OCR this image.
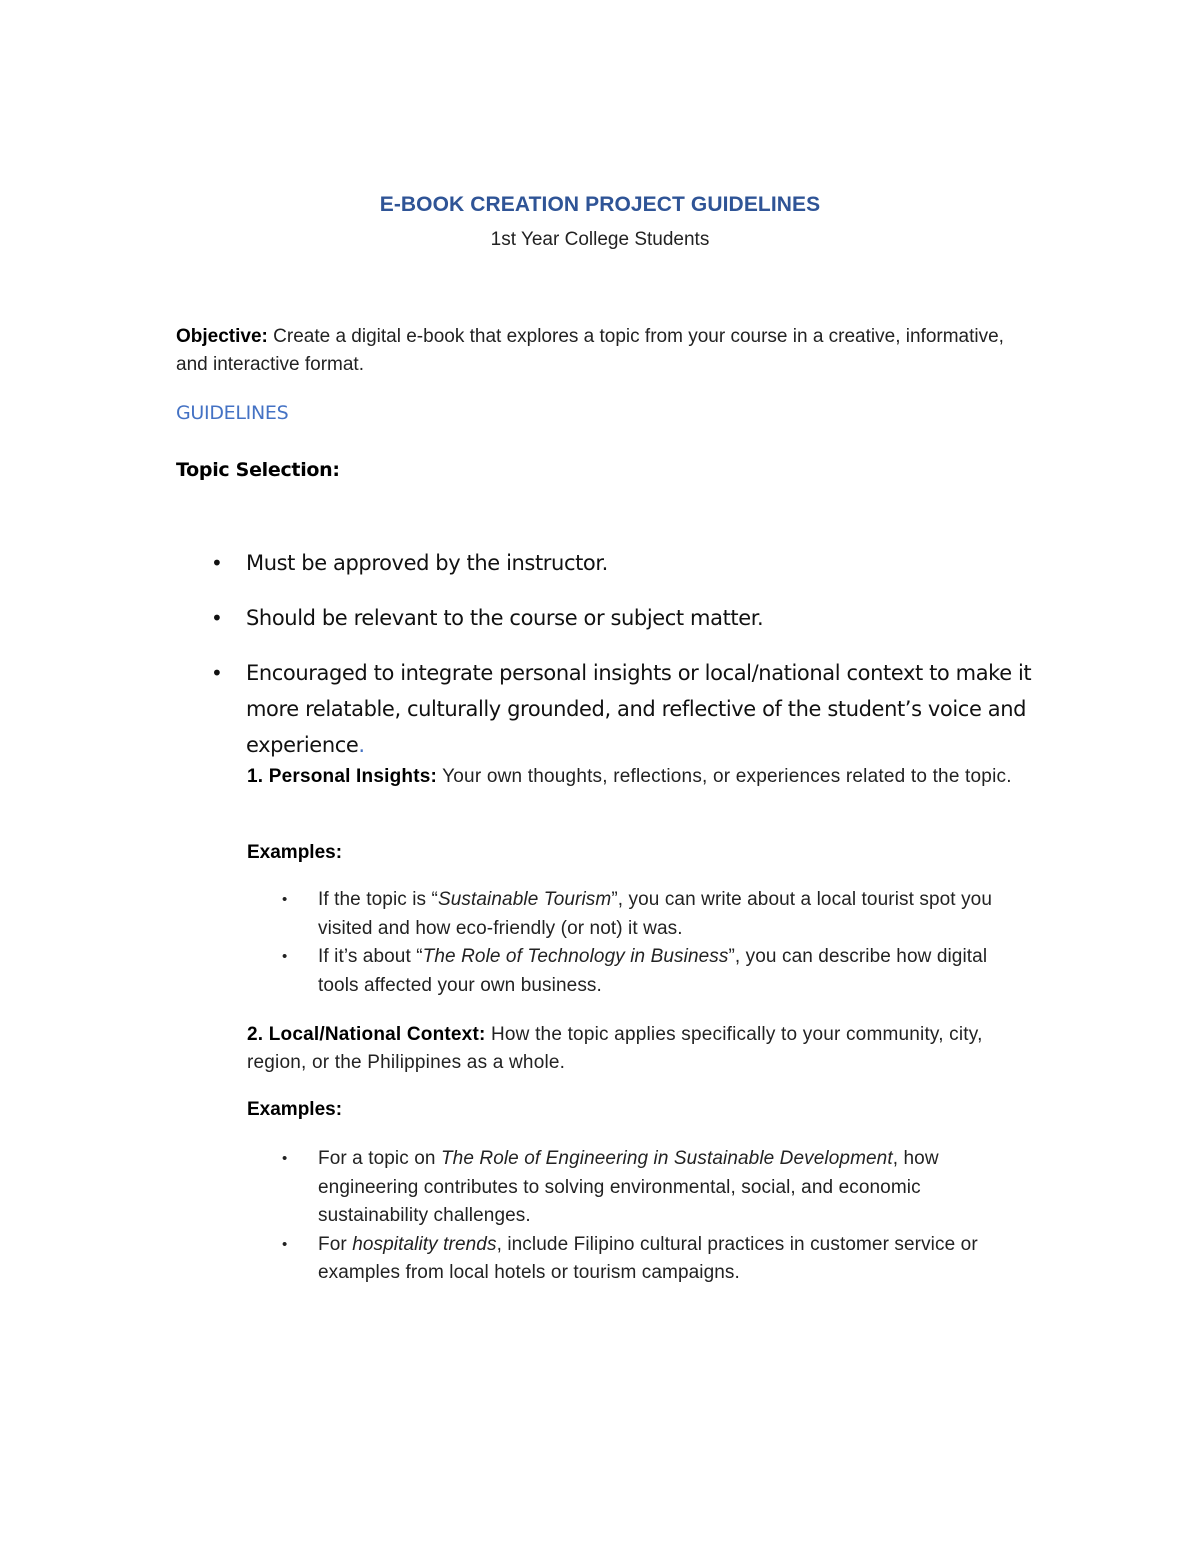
E-BOOK CREATION PROJECT GUIDELINES
1st Year College Students
Objective: Create a digital e-book that explores a topic from your course in a creative, informative, and interactive format.
GUIDELINES
Topic Selection:
• Must be approved by the instructor.
• Should be relevant to the course or subject matter.
• Encouraged to integrate personal insights or local/national context to make it more relatable, culturally grounded, and reflective of the student’s voice and experience.
1. Personal Insights: Your own thoughts, reflections, or experiences related to the topic.
Examples:
• If the topic is “Sustainable Tourism”, you can write about a local tourist spot you visited and how eco-friendly (or not) it was.
• If it’s about “The Role of Technology in Business”, you can describe how digital tools affected your own business.
2. Local/National Context: How the topic applies specifically to your community, city, region, or the Philippines as a whole.
Examples:
• For a topic on The Role of Engineering in Sustainable Development, how engineering contributes to solving environmental, social, and economic sustainability challenges.
• For hospitality trends, include Filipino cultural practices in customer service or examples from local hotels or tourism campaigns.
